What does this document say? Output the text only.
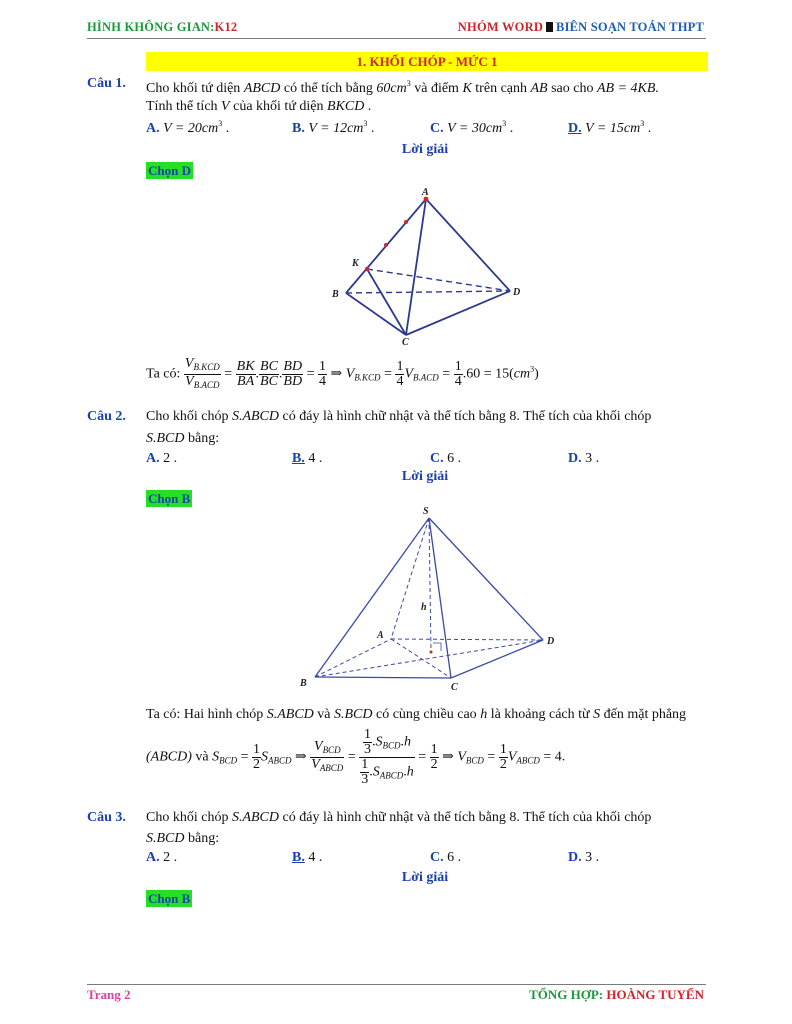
HÌNH KHÔNG GIAN:K12	NHÓM WORD BIÊN SOẠN TOÁN THPT
1. KHỐI CHÓP - MỨC 1
Câu 1. Cho khối tứ diện ABCD có thể tích bằng $60cm^3$ và điểm K trên cạnh AB sao cho AB = 4KB.
Tính thể tích V của khối tứ diện BKCD .
A. $V = 20cm^3$ .	B. $V = 12cm^3$ .	C. $V = 30cm^3$ .	D. $V = 15cm^3$ .
Lời giải
Chọn D
A
K
B
C
D
Ta có: $\frac{V_{B.KCD}}{V_{B.ACD}} = \frac{BK}{BA}$ . $\frac{BC}{BC}$ . $\frac{BD}{BD} = \frac{1}{4}$ ⇒ $V_{B.KCD} = \frac{1}{4} V_{B.ACD} = \frac{1}{4} .60 = 15(cm^3)$
Câu 2. Cho khối chóp S.ABCD có đáy là hình chữ nhật và thể tích bằng 8. Thể tích của khối chóp
S.BCD bằng:
A. 2 .	B. 4 .	C. 6 .	D. 3 .
Lời giải
Chọn B
S
h
A
D
B	C
Ta có: Hai hình chóp S.ABCD và S.BCD có cùng chiều cao h là khoảng cách từ S đến mặt phẳng
(ABCD) và $S_{BCD} = \frac{1}{2} S_{ABCD}$ ⇒ $\frac{V_{BCD}}{V_{ABCD}} = \frac{\frac{1}{3} .S_{BCD}.h}{\frac{1}{3} .S_{ABCD}.h} = \frac{1}{2}$ ⇒ $V_{BCD} = \frac{1}{2} V_{ABCD} = 4$.
Câu 3. Cho khối chóp S.ABCD có đáy là hình chữ nhật và thể tích bằng 8. Thể tích của khối chóp
S.BCD bằng:
A. 2 .	B. 4 .	C. 6 .	D. 3 .
Lời giải
Chọn B
Trang 2	TỔNG HỢP: HOÀNG TUYẾN
